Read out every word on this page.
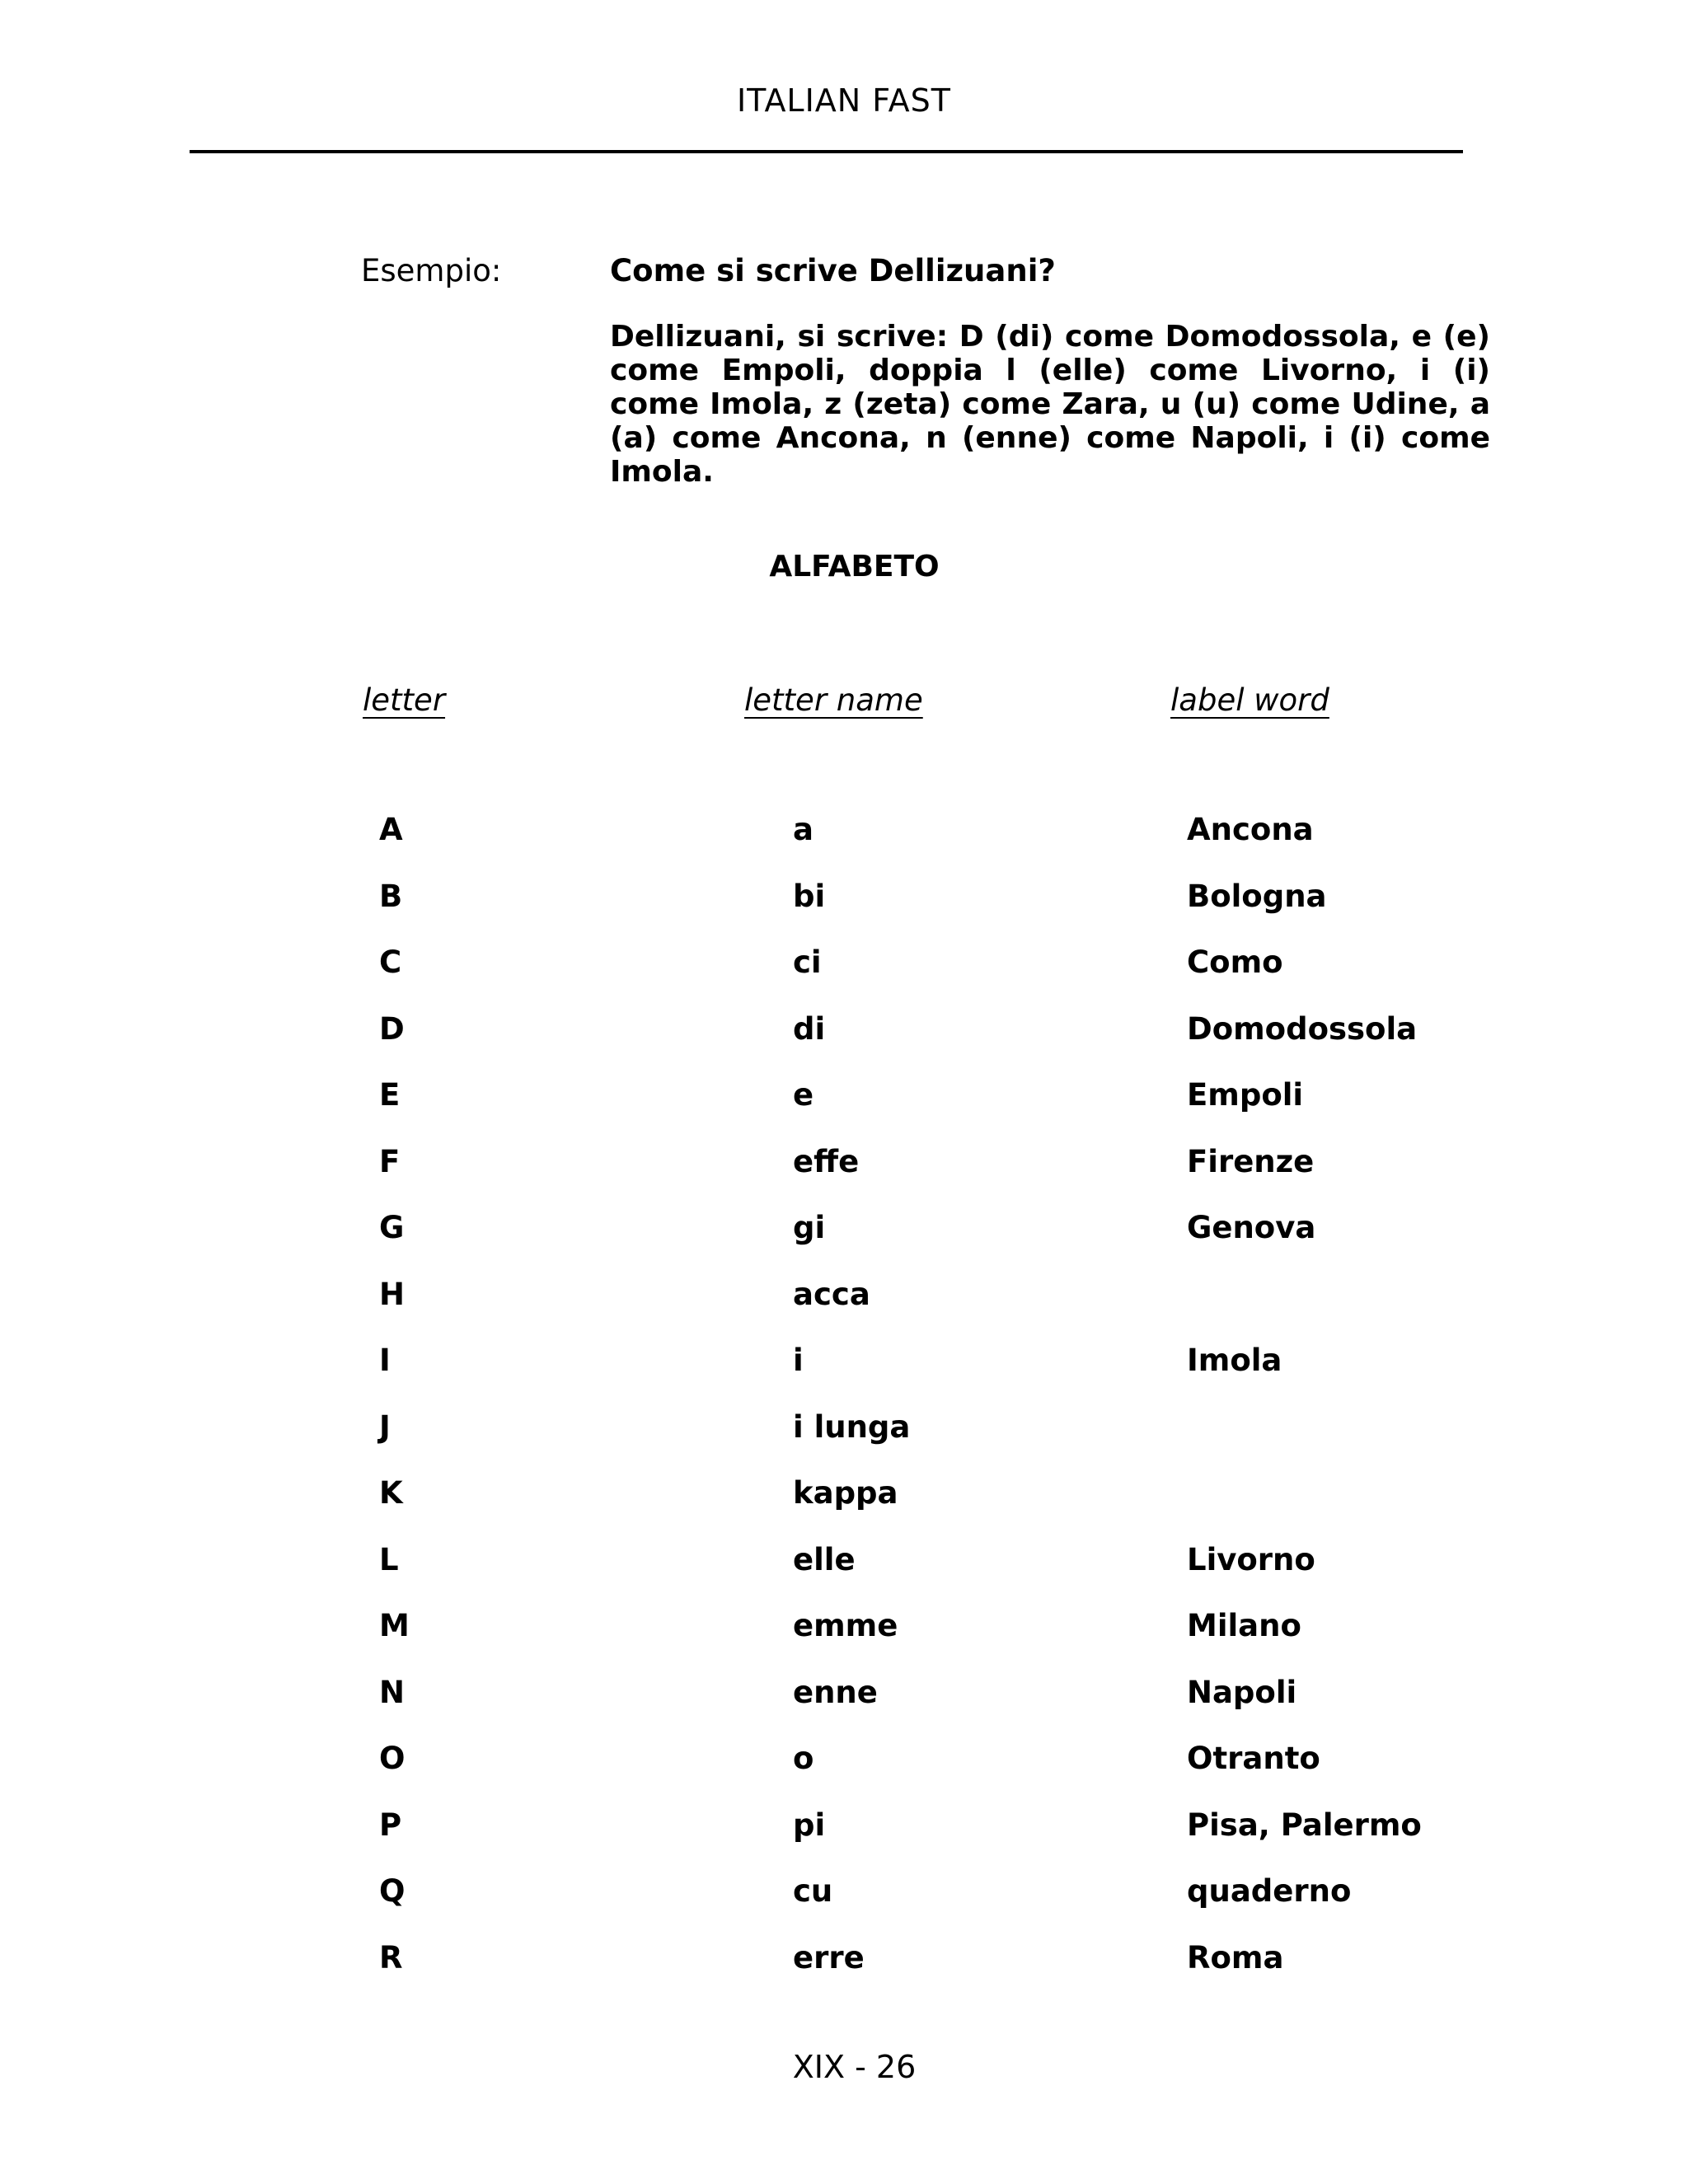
ITALIAN FAST
Esempio:	Come si scrive Dellizuani?
Dellizuani, si scrive: D (di) come Domodossola, e (e) come Empoli, doppia l (elle) come Livorno, i (i) come Imola, z (zeta) come Zara, u (u) come Udine, a (a) come Ancona, n (enne) come Napoli, i (i) come Imola.
ALFABETO
letter	letter name	label word
A	a	Ancona
B	bi	Bologna
C	ci	Como
D	di	Domodossola
E	e	Empoli
F	effe	Firenze
G	gi	Genova
H	acca
I	i	Imola
J	i lunga
K	kappa
L	elle	Livorno
M	emme	Milano
N	enne	Napoli
O	o	Otranto
P	pi	Pisa, Palermo
Q	cu	quaderno
R	erre	Roma
XIX - 26
